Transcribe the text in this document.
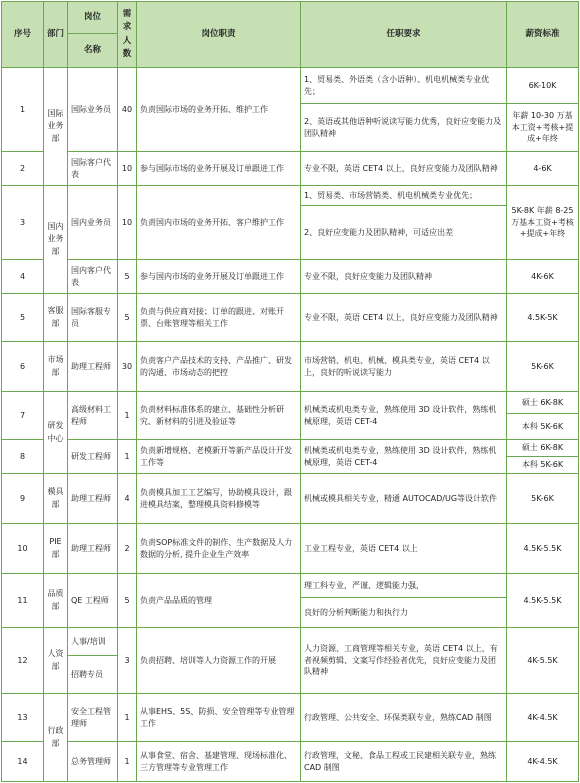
序号	部门	岗位	需求人数	岗位职责	任职要求	薪资标准
		名称				
1	国际业务部	国际业务员	40	负责国际市场的业务开拓、维护工作	1、贸易类、外语类（含小语种）、机电机械类专业优先；	6K-10K
					2、英语或其他语种听说读写能力优秀，良好应变能力及团队精神	年薪 10-30 万基本工资+考核+提成+年终
2		国际客户代表	10	参与国际市场的业务开展及订单跟进工作	专业不限，英语 CET4 以上，良好应变能力及团队精神	4-6K
3	国内业务部	国内业务员	10	负责国内市场的业务开拓、客户维护工作	1、贸易类、市场营销类、机电机械类专业优先；	5K-8K 年薪 8-25万基本工资+考核+提成+年终
					2、良好应变能力及团队精神，可适应出差	
4		国内客户代表	5	参与国内市场的业务开展及订单跟进工作	专业不限，良好应变能力及团队精神	4K-6K
5	客服部	国际客服专员	5	负责与供应商对接；订单的跟进、对账开票、台账管理等相关工作	专业不限，英语 CET4 以上，良好应变能力及团队精神	4.5K-5K
6	市场部	助理工程师	30	负责客户产品技术的支持、产品推广、研发的沟通、市场动态的把控	市场营销、机电、机械、模具类专业，英语 CET4 以上，良好的听说读写能力	5K-6K
7	研发中心	高级材料工程师	1	负责材料标准体系的建立、基础性分析研究、新材料的引进及验证等	机械类或机电类专业，熟练使用 3D 设计软件，熟练机械原理，英语 CET-4	硕士 6K-8K
						本科 5K-6K
8		研发工程师	1	负责新增规格、老模新开等新产品设计开发工作等	机械类或机电类专业，熟练使用 3D 设计软件，熟练机械原理，英语 CET-4	硕士 6K-8K
						本科 5K-6K
9	模具部	助理工程师	4	负责模具加工工艺编写，协助模具设计，跟进模具结案，整理模具资料修模等	机械或模具相关专业，精通 AUTOCAD/UG等设计软件	5K-6K
10	PIE部	助理工程师	2	负责SOP标准文件的制作、生产数据及人力数据的分析, 提升企业生产效率	工业工程专业，英语 CET4 以上	4.5K-5.5K
11	品质部	QE 工程师	5	负责产品品质的管理	理工科专业，严谨、逻辑能力强，	4.5K-5.5K
					良好的分析判断能力和执行力	
12	人资部	人事/培训	3	负责招聘、培训等人力资源工作的开展	人力资源、工商管理等相关专业，英语 CET4 以上，有者视频剪辑、文案写作经验者优先，良好应变能力及团队精神	4K-5.5K
		招聘专员				
13	行政部	安全工程管理师	1	从事EHS、5S、防损、安全管理等专业管理工作	行政管理、公共安全、环保类联专业，熟练CAD 制图	4K-4.5K
14		总务管理师	1	从事食堂、宿舍、基建管理、现场标准化、三方管理等专业管理工作	行政管理，文秘、食品工程或工民建相关联专业，熟练CAD 制图	4K-4.5K
